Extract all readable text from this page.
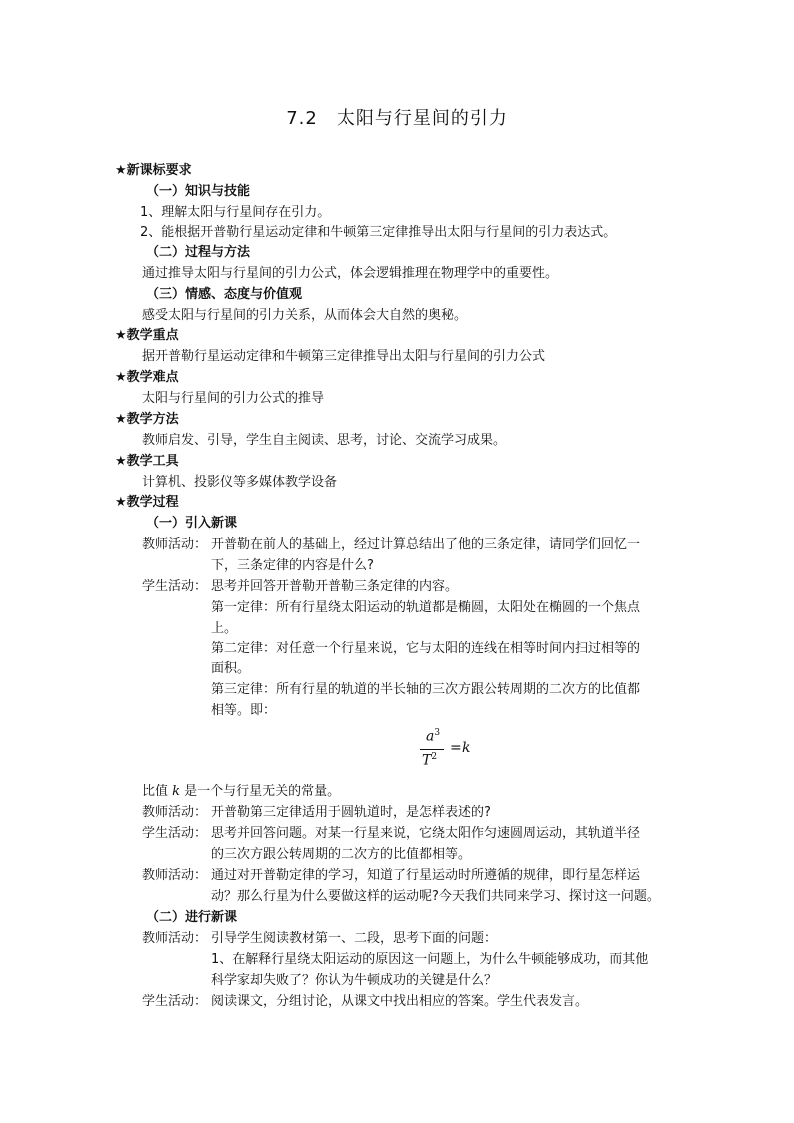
7.2　太阳与行星间的引力
★新课标要求
（一）知识与技能
1、理解太阳与行星间存在引力。
2、能根据开普勒行星运动定律和牛顿第三定律推导出太阳与行星间的引力表达式。
（二）过程与方法
通过推导太阳与行星间的引力公式，体会逻辑推理在物理学中的重要性。
（三）情感、态度与价值观
感受太阳与行星间的引力关系，从而体会大自然的奥秘。
★教学重点
据开普勒行星运动定律和牛顿第三定律推导出太阳与行星间的引力公式
★教学难点
太阳与行星间的引力公式的推导
★教学方法
教师启发、引导，学生自主阅读、思考，讨论、交流学习成果。
★教学工具
计算机、投影仪等多媒体教学设备
★教学过程
（一）引入新课
教师活动： 开普勒在前人的基础上，经过计算总结出了他的三条定律，请同学们回忆一
下，三条定律的内容是什么?
学生活动： 思考并回答开普勒开普勒三条定律的内容。
第一定律：所有行星绕太阳运动的轨道都是椭圆，太阳处在椭圆的一个焦点
上。
第二定律：对任意一个行星来说，它与太阳的连线在相等时间内扫过相等的
面积。
第三定律：所有行星的轨道的半长轴的三次方跟公转周期的二次方的比值都
相等。即：
$a^3$
$T^2$
= k
比值 k 是一个与行星无关的常量。
教师活动： 开普勒第三定律适用于圆轨道时，是怎样表述的?
学生活动： 思考并回答问题。对某一行星来说，它绕太阳作匀速圆周运动，其轨道半径
的三次方跟公转周期的二次方的比值都相等。
教师活动： 通过对开普勒定律的学习，知道了行星运动时所遵循的规律，即行星怎样运
动？那么行星为什么要做这样的运动呢?今天我们共同来学习、探讨这一问题。
（二）进行新课
教师活动： 引导学生阅读教材第一、二段，思考下面的问题：
1、在解释行星绕太阳运动的原因这一问题上，为什么牛顿能够成功，而其他
科学家却失败了？你认为牛顿成功的关键是什么？
学生活动： 阅读课文，分组讨论，从课文中找出相应的答案。学生代表发言。
